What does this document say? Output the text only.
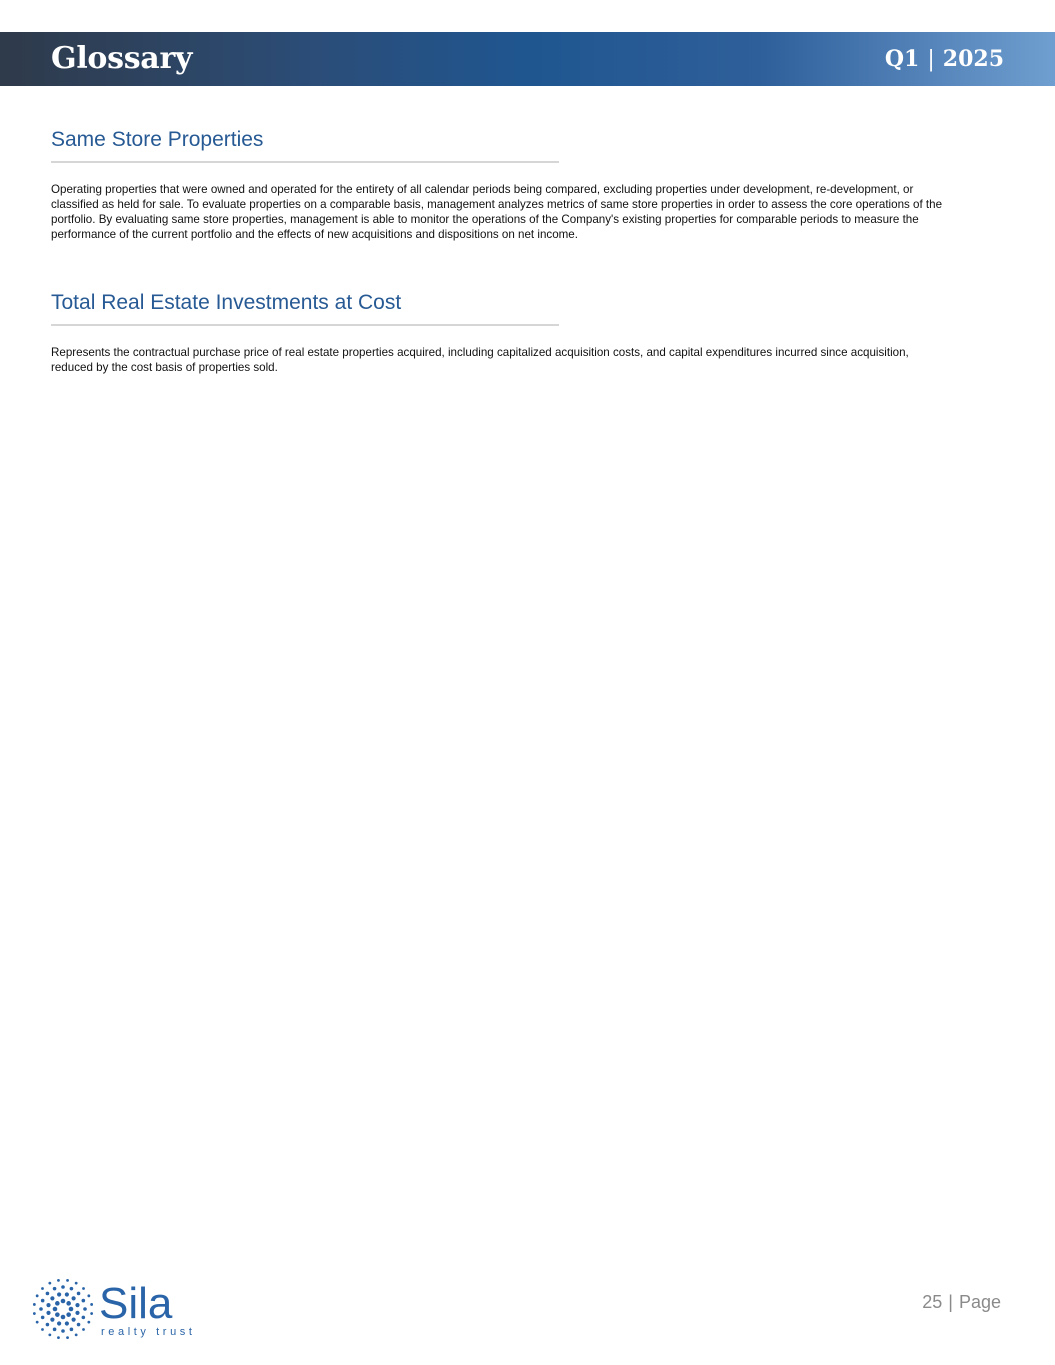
Glossary	Q1 | 2025
Same Store Properties

Operating properties that were owned and operated for the entirety of all calendar periods being compared, excluding properties under development, re-development, or classified as held for sale. To evaluate properties on a comparable basis, management analyzes metrics of same store properties in order to assess the core operations of the portfolio. By evaluating same store properties, management is able to monitor the operations of the Company's existing properties for comparable periods to measure the performance of the current portfolio and the effects of new acquisitions and dispositions on net income.

Total Real Estate Investments at Cost

Represents the contractual purchase price of real estate properties acquired, including capitalized acquisition costs, and capital expenditures incurred since acquisition, reduced by the cost basis of properties sold.

Sila
realty trust
25 | Page
